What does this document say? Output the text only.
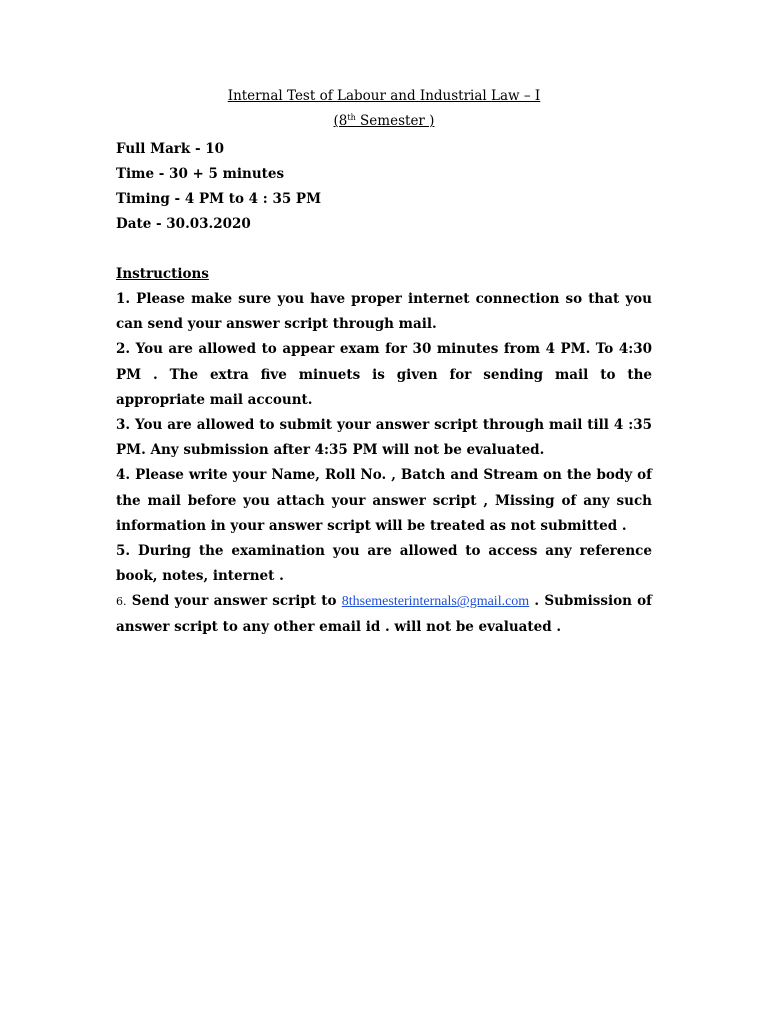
Internal Test of Labour and Industrial Law – I

(8th Semester )

Full Mark - 10
Time - 30 + 5 minutes
Timing - 4 PM to 4 : 35 PM
Date - 30.03.2020
Instructions

1. Please make sure you have proper internet connection so that you can send your answer script through mail.

2. You are allowed to appear exam for 30 minutes from 4 PM. To 4:30 PM . The extra five minuets is given for sending mail to the appropriate mail account.

3. You are allowed to submit your answer script through mail till 4 :35 PM. Any submission after 4:35 PM will not be evaluated.

4. Please write your Name, Roll No. , Batch and Stream on the body of the mail before you attach your answer script , Missing of any such information in your answer script will be treated as not submitted .

5. During the examination you are allowed to access any reference book, notes, internet .

6. Send your answer script to 8thsemesterinternals@gmail.com . Submission of answer script to any other email id . will not be evaluated .
